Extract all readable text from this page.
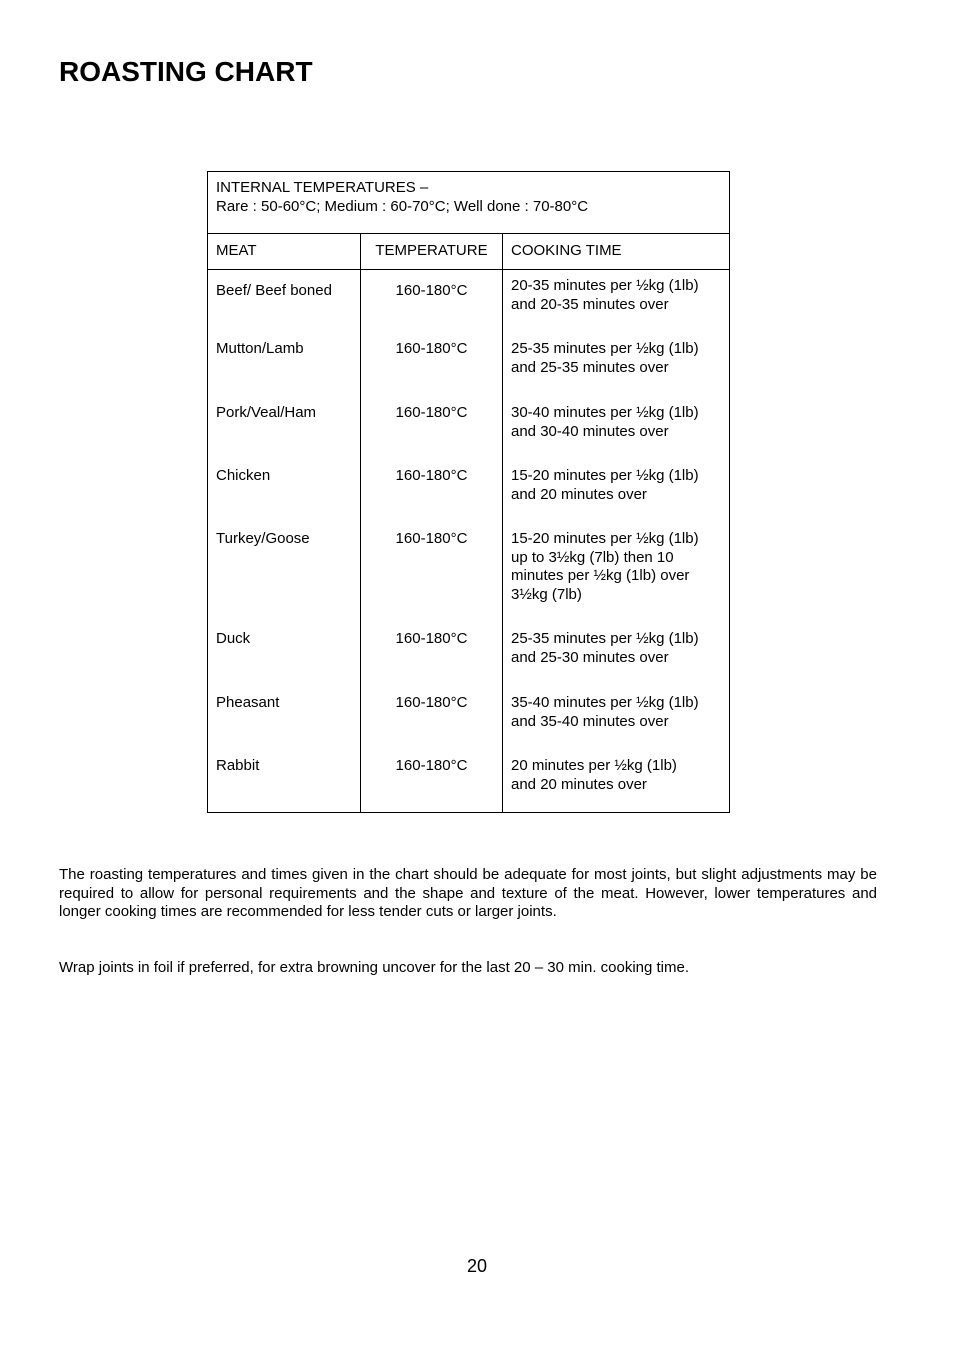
ROASTING CHART
INTERNAL TEMPERATURES –
Rare : 50-60°C; Medium : 60-70°C; Well done : 70-80°C
MEAT	TEMPERATURE	COOKING TIME
Beef/ Beef boned	160-180°C	20-35 minutes per ½kg (1lb)
and 20-35 minutes over
Mutton/Lamb	160-180°C	25-35 minutes per ½kg (1lb)
and 25-35 minutes over
Pork/Veal/Ham	160-180°C	30-40 minutes per ½kg (1lb)
and 30-40 minutes over
Chicken	160-180°C	15-20 minutes per ½kg (1lb)
and 20 minutes over
Turkey/Goose	160-180°C	15-20 minutes per ½kg (1lb)
up to 3½kg (7lb) then 10
minutes per ½kg (1lb) over
3½kg (7lb)
Duck	160-180°C	25-35 minutes per ½kg (1lb)
and 25-30 minutes over
Pheasant	160-180°C	35-40 minutes per ½kg (1lb)
and 35-40 minutes over
Rabbit	160-180°C	20 minutes per ½kg (1lb)
and 20 minutes over

The roasting temperatures and times given in the chart should be adequate for most joints, but slight adjustments may be required to allow for personal requirements and the shape and texture of the meat. However, lower temperatures and longer cooking times are recommended for less tender cuts or larger joints.

Wrap joints in foil if preferred, for extra browning uncover for the last 20 – 30 min. cooking time.

20
